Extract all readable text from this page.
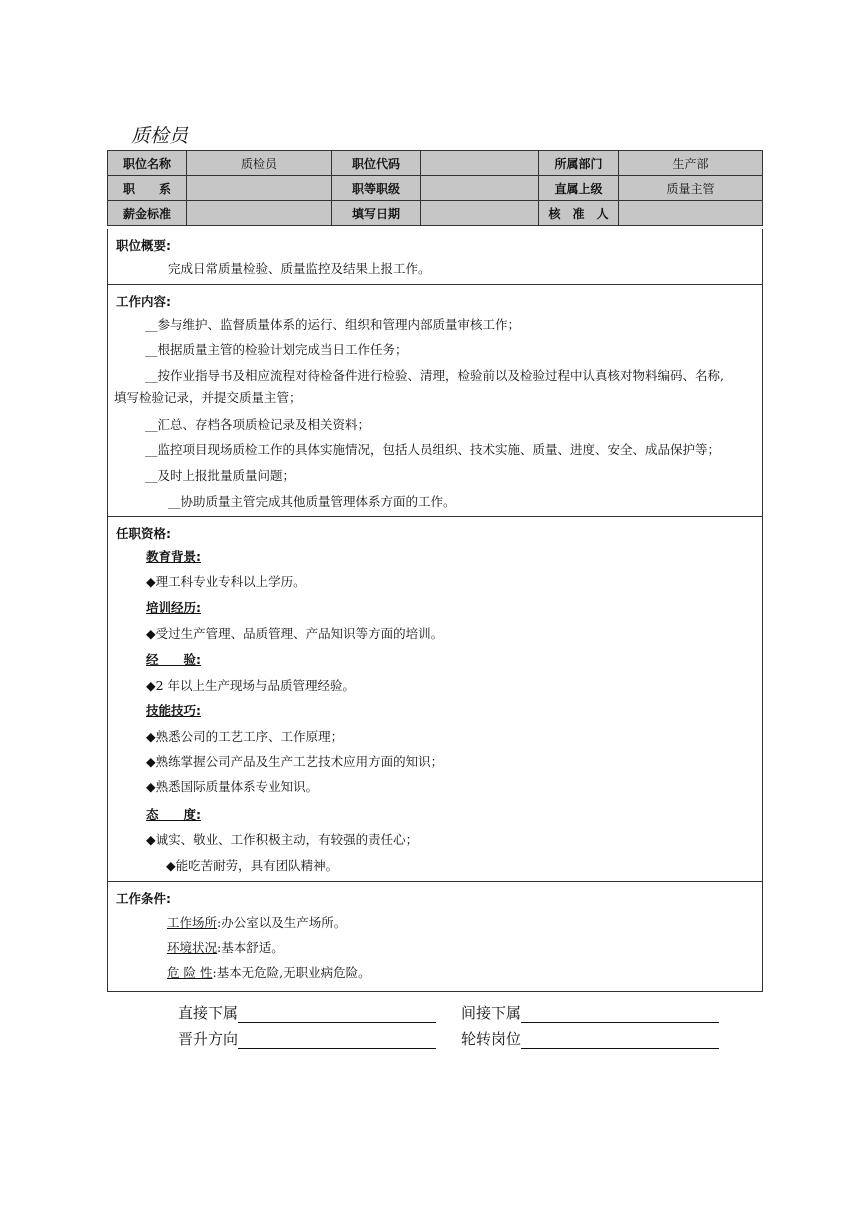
质检员
职位名称	质检员	职位代码		所属部门	生产部
职　　系		职等职级		直属上级	质量主管
薪金标准		填写日期		核　准　人	
职位概要:
完成日常质量检验、质量监控及结果上报工作。
工作内容:
__参与维护、监督质量体系的运行、组织和管理内部质量审核工作；
__根据质量主管的检验计划完成当日工作任务；
__按作业指导书及相应流程对待检备件进行检验、清理，检验前以及检验过程中认真核对物料编码、名称,
填写检验记录，并提交质量主管；
__汇总、存档各项质检记录及相关资料；
__监控项目现场质检工作的具体实施情况，包括人员组织、技术实施、质量、进度、安全、成品保护等；
__及时上报批量质量问题；
__协助质量主管完成其他质量管理体系方面的工作。
任职资格:
教育背景:
◆理工科专业专科以上学历。
培训经历:
◆受过生产管理、品质管理、产品知识等方面的培训。
经　　验:
◆2 年以上生产现场与品质管理经验。
技能技巧:
◆熟悉公司的工艺工序、工作原理；
◆熟练掌握公司产品及生产工艺技术应用方面的知识；
◆熟悉国际质量体系专业知识。
态　　度:
◆诚实、敬业、工作积极主动，有较强的责任心；
◆能吃苦耐劳，具有团队精神。
工作条件:
工作场所:办公室以及生产场所。
环境状况:基本舒适。
危 险 性:基本无危险,无职业病危险。
直接下属	间接下属
晋升方向	轮转岗位
